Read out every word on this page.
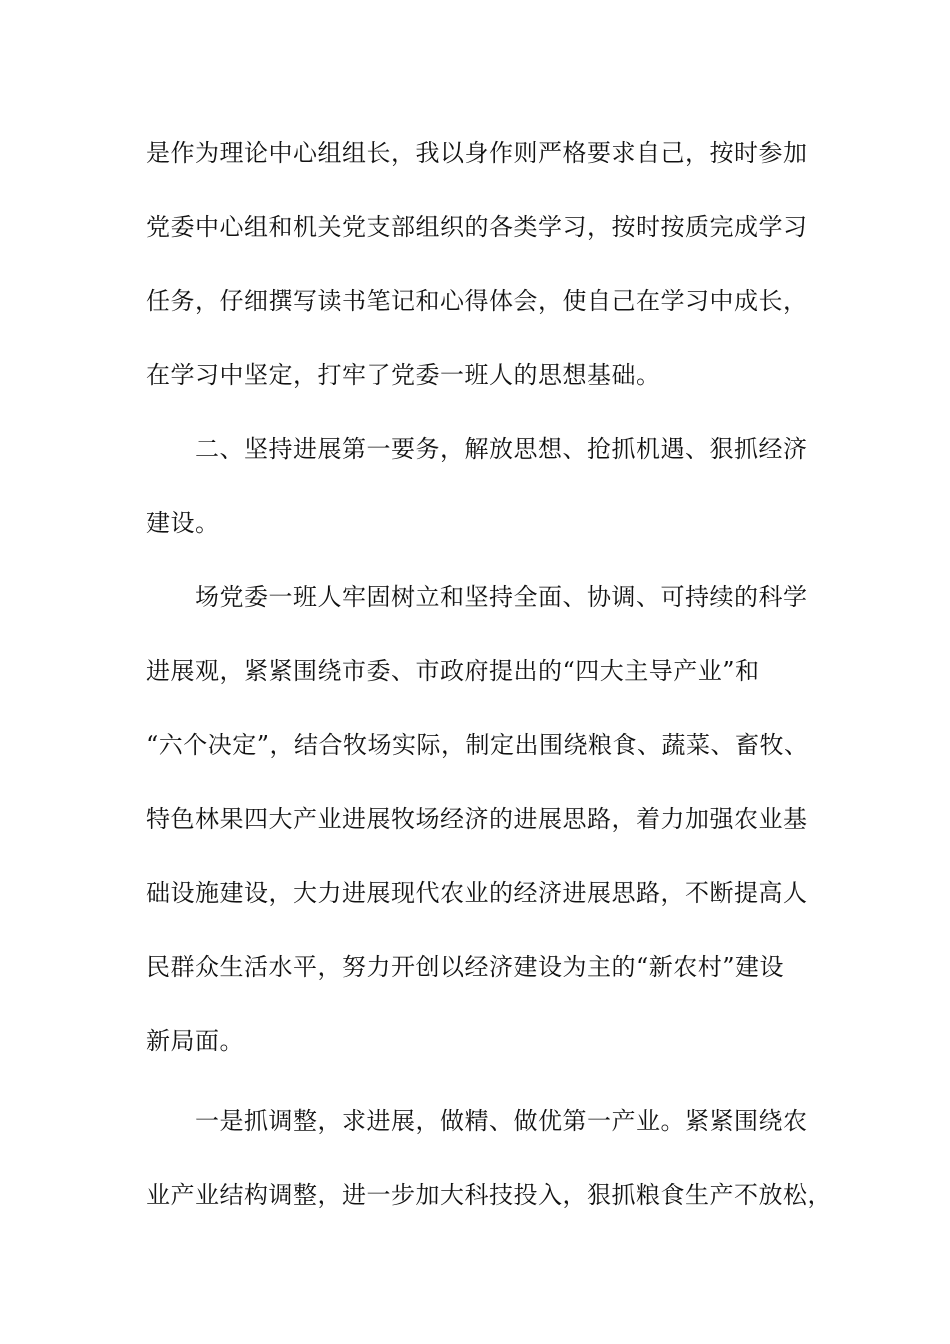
是作为理论中心组组长，我以身作则严格要求自己，按时参加
党委中心组和机关党支部组织的各类学习，按时按质完成学习
任务，仔细撰写读书笔记和心得体会，使自己在学习中成长，
在学习中坚定，打牢了党委一班人的思想基础。
二、坚持进展第一要务，解放思想、抢抓机遇、狠抓经济
建设。
场党委一班人牢固树立和坚持全面、协调、可持续的科学
进展观，紧紧围绕市委、市政府提出的“四大主导产业”和
“六个决定”，结合牧场实际，制定出围绕粮食、蔬菜、畜牧、
特色林果四大产业进展牧场经济的进展思路，着力加强农业基
础设施建设，大力进展现代农业的经济进展思路，不断提高人
民群众生活水平，努力开创以经济建设为主的“新农村”建设
新局面。
一是抓调整，求进展，做精、做优第一产业。紧紧围绕农
业产业结构调整，进一步加大科技投入，狠抓粮食生产不放松，
